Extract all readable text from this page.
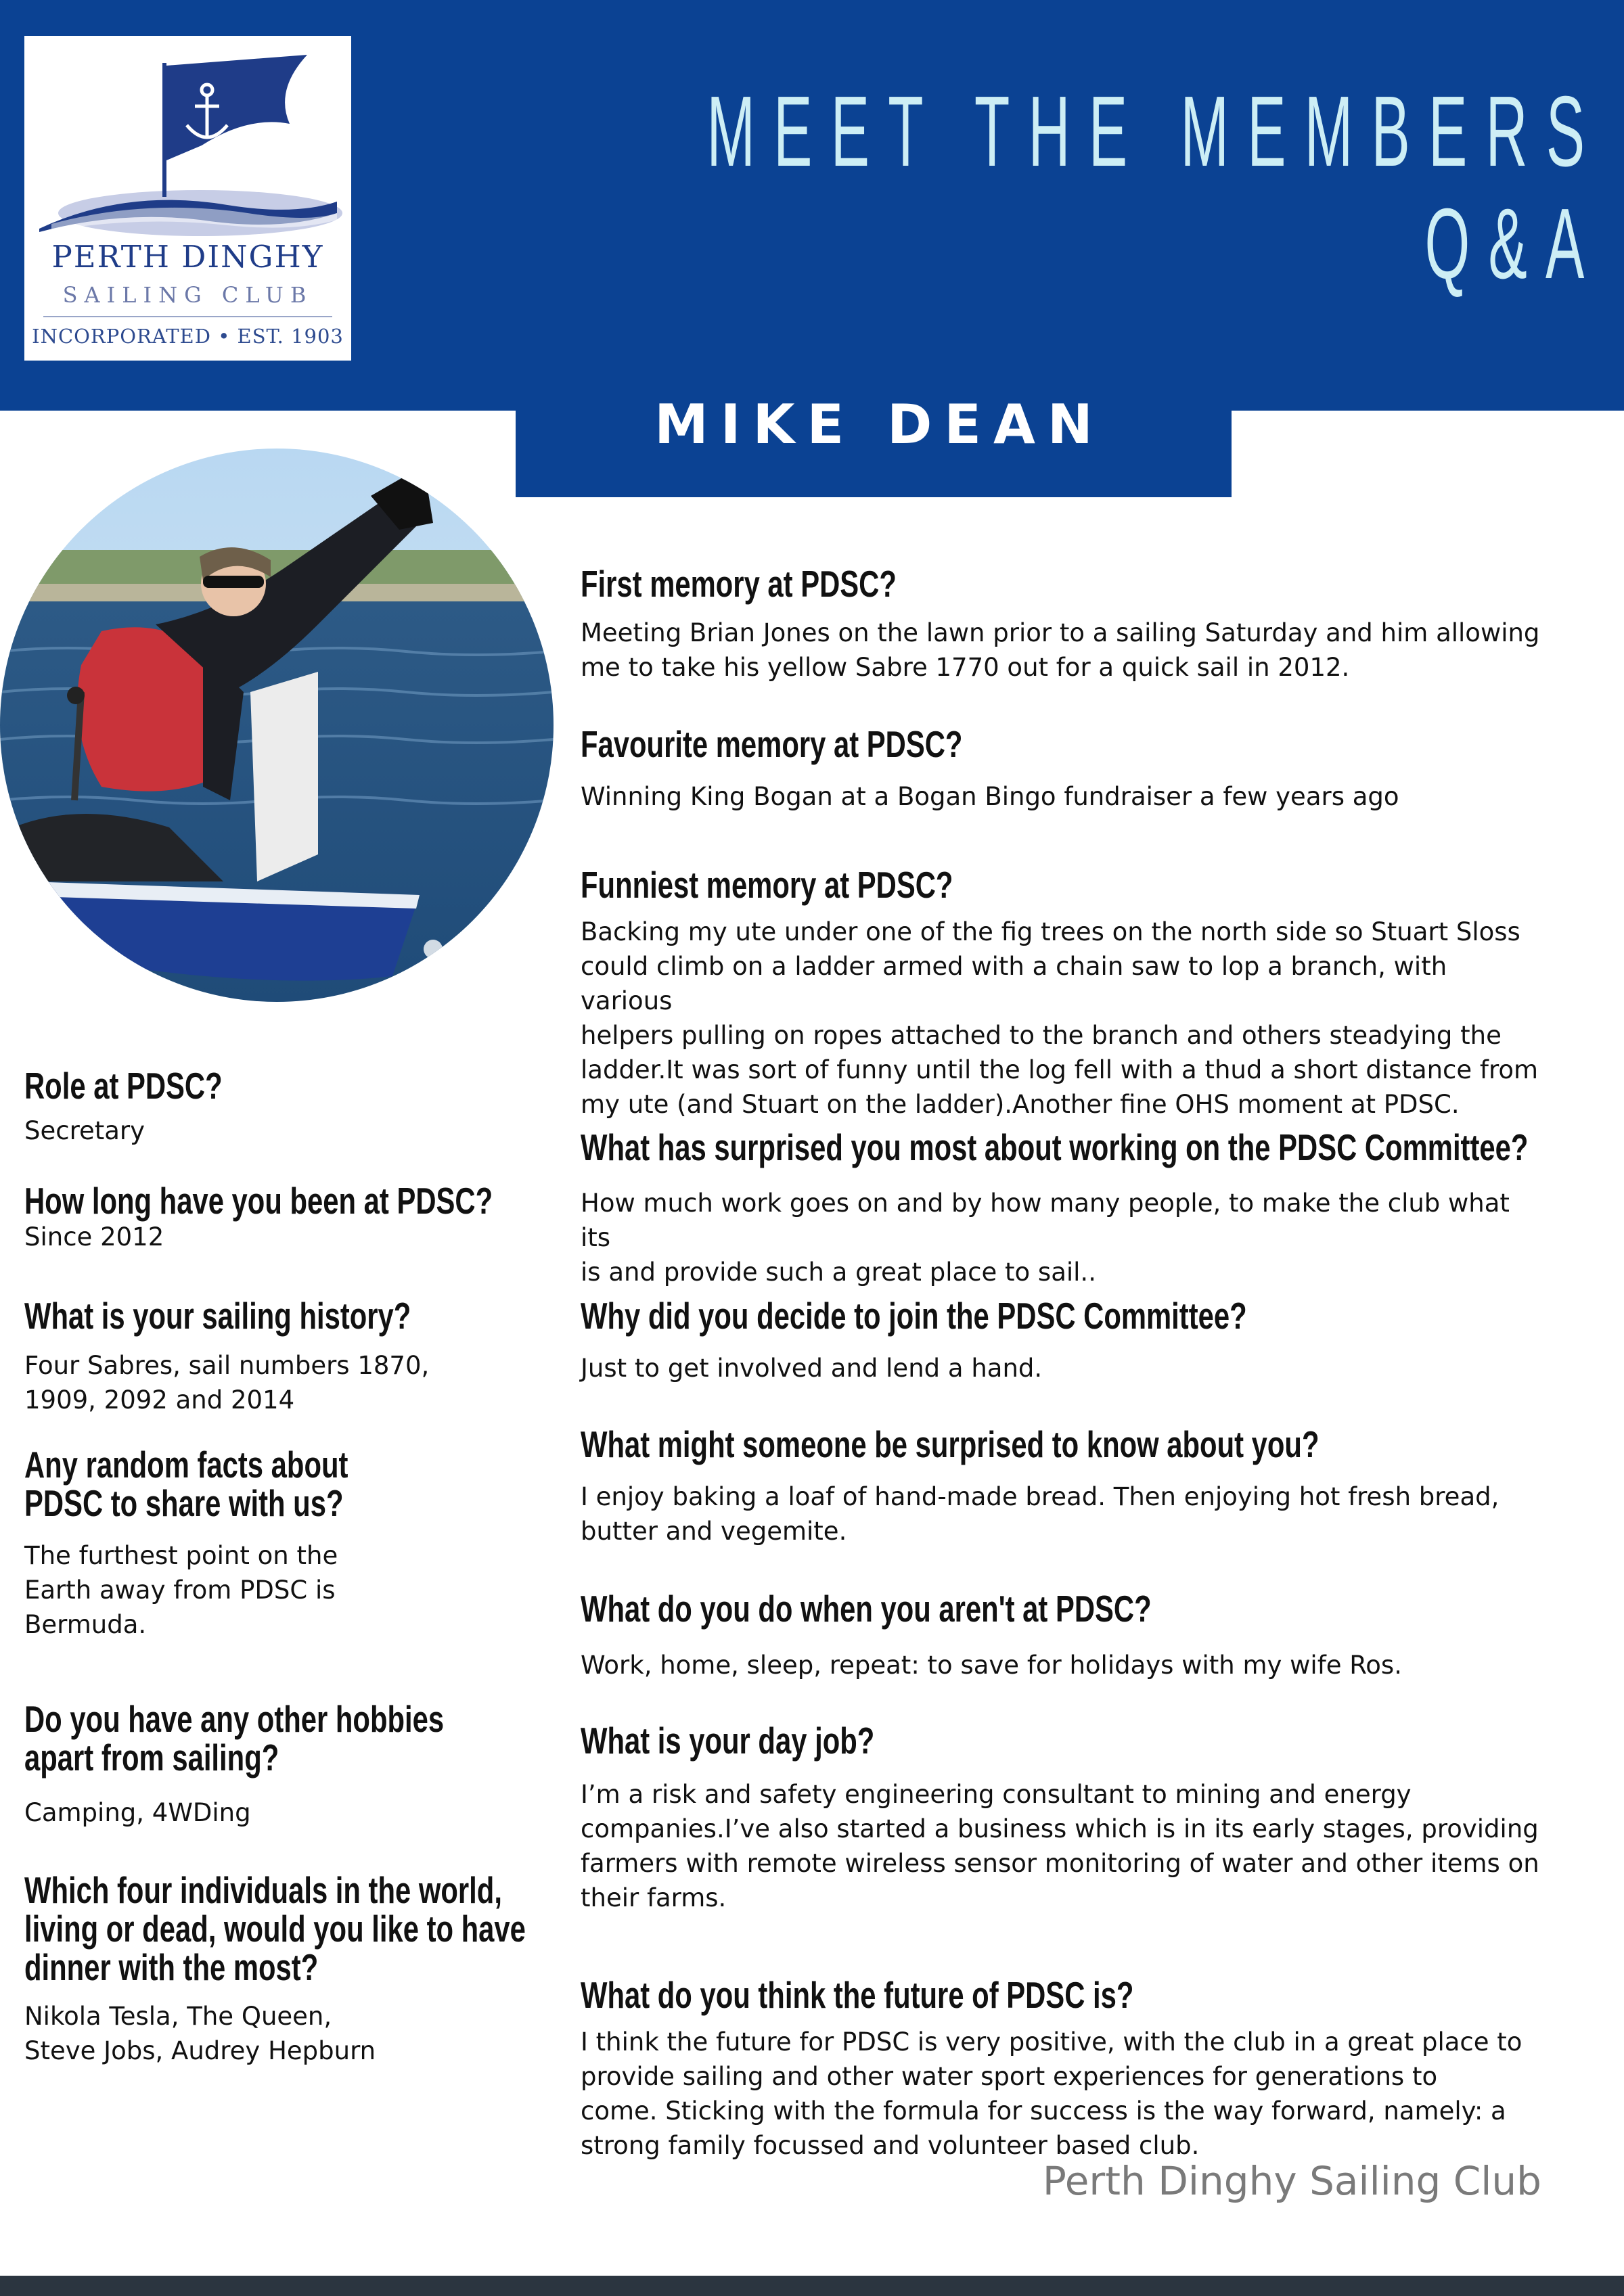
PERTH DINGHY
SAILING CLUB
INCORPORATED • EST. 1903
MEET THE MEMBERS
Q&A
MIKE DEAN
Role at PDSC?

Secretary

How long have you been at PDSC?

Since 2012

What is your sailing history?
Four Sabres, sail numbers 1870,
1909, 2092 and 2014
Any random facts about
PDSC to share with us?
The furthest point on the
Earth away from PDSC is
Bermuda.
Do you have any other hobbies
apart from sailing?

Camping, 4WDing

Which four individuals in the world,
living or dead, would you like to have
dinner with the most?
Nikola Tesla, The Queen,
Steve Jobs, Audrey Hepburn
First memory at PDSC?
Meeting Brian Jones on the lawn prior to a sailing Saturday and him allowing
me to take his yellow Sabre 1770 out for a quick sail in 2012.
Favourite memory at PDSC?

Winning King Bogan at a Bogan Bingo fundraiser a few years ago

Funniest memory at PDSC?
Backing my ute under one of the fig trees on the north side so Stuart Sloss
could climb on a ladder armed with a chain saw to lop a branch, with various
helpers pulling on ropes attached to the branch and others steadying the
ladder.It was sort of funny until the log fell with a thud a short distance from
my ute (and Stuart on the ladder).Another fine OHS moment at PDSC.
What has surprised you most about working on the PDSC Committee?
How much work goes on and by how many people, to make the club what its
is and provide such a great place to sail..
Why did you decide to join the PDSC Committee?

Just to get involved and lend a hand.

What might someone be surprised to know about you?
I enjoy baking a loaf of hand-made bread. Then enjoying hot fresh bread,
butter and vegemite.
What do you do when you aren't at PDSC?

Work, home, sleep, repeat: to save for holidays with my wife Ros.

What is your day job?
I’m a risk and safety engineering consultant to mining and energy
companies.I’ve also started a business which is in its early stages, providing
farmers with remote wireless sensor monitoring of water and other items on
their farms.
What do you think the future of PDSC is?
I think the future for PDSC is very positive, with the club in a great place to
provide sailing and other water sport experiences for generations to
come. Sticking with the formula for success is the way forward, namely: a
strong family focussed and volunteer based club.
Perth Dinghy Sailing Club
